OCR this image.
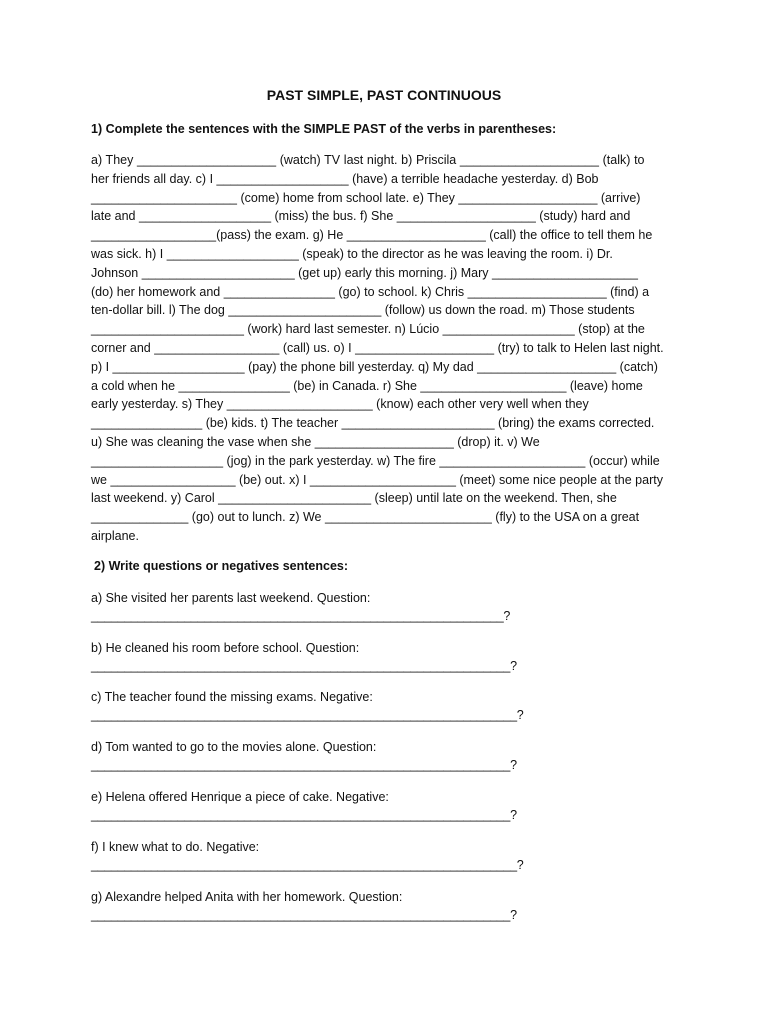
PAST SIMPLE, PAST CONTINUOUS
1) Complete the sentences with the SIMPLE PAST of the verbs in parentheses:
a) They ____________________ (watch) TV last night. b) Priscila ____________________ (talk) to
her friends all day. c) I ___________________ (have) a terrible headache yesterday. d) Bob
_____________________ (come) home from school late. e) They ____________________ (arrive)
late and ___________________ (miss) the bus. f) She ____________________ (study) hard and
__________________(pass) the exam. g) He ____________________ (call) the office to tell them he
was sick. h) I ___________________ (speak) to the director as he was leaving the room. i) Dr.
Johnson ______________________ (get up) early this morning. j) Mary _____________________
(do) her homework and ________________ (go) to school. k) Chris ____________________ (find) a
ten-dollar bill. l) The dog ______________________ (follow) us down the road. m) Those students
______________________ (work) hard last semester. n) Lúcio ___________________ (stop) at the
corner and __________________ (call) us. o) I ____________________ (try) to talk to Helen last night.
p) I ___________________ (pay) the phone bill yesterday. q) My dad ____________________ (catch)
a cold when he ________________ (be) in Canada. r) She _____________________ (leave) home
early yesterday. s) They _____________________ (know) each other very well when they
________________ (be) kids. t) The teacher ______________________ (bring) the exams corrected.
u) She was cleaning the vase when she ____________________ (drop) it. v) We
___________________ (jog) in the park yesterday. w) The fire _____________________ (occur) while
we __________________ (be) out. x) I _____________________ (meet) some nice people at the party
last weekend. y) Carol ______________________ (sleep) until late on the weekend. Then, she
______________ (go) out to lunch. z) We ________________________ (fly) to the USA on a great
airplane.
2) Write questions or negatives sentences:
a) She visited her parents last weekend. Question:
______________________________________________________________?
b) He cleaned his room before school. Question:
_______________________________________________________________?
c) The teacher found the missing exams. Negative:
________________________________________________________________?
d) Tom wanted to go to the movies alone. Question:
_______________________________________________________________?
e) Helena offered Henrique a piece of cake. Negative:
_______________________________________________________________?
f) I knew what to do. Negative:
________________________________________________________________?
g) Alexandre helped Anita with her homework. Question:
_______________________________________________________________?
